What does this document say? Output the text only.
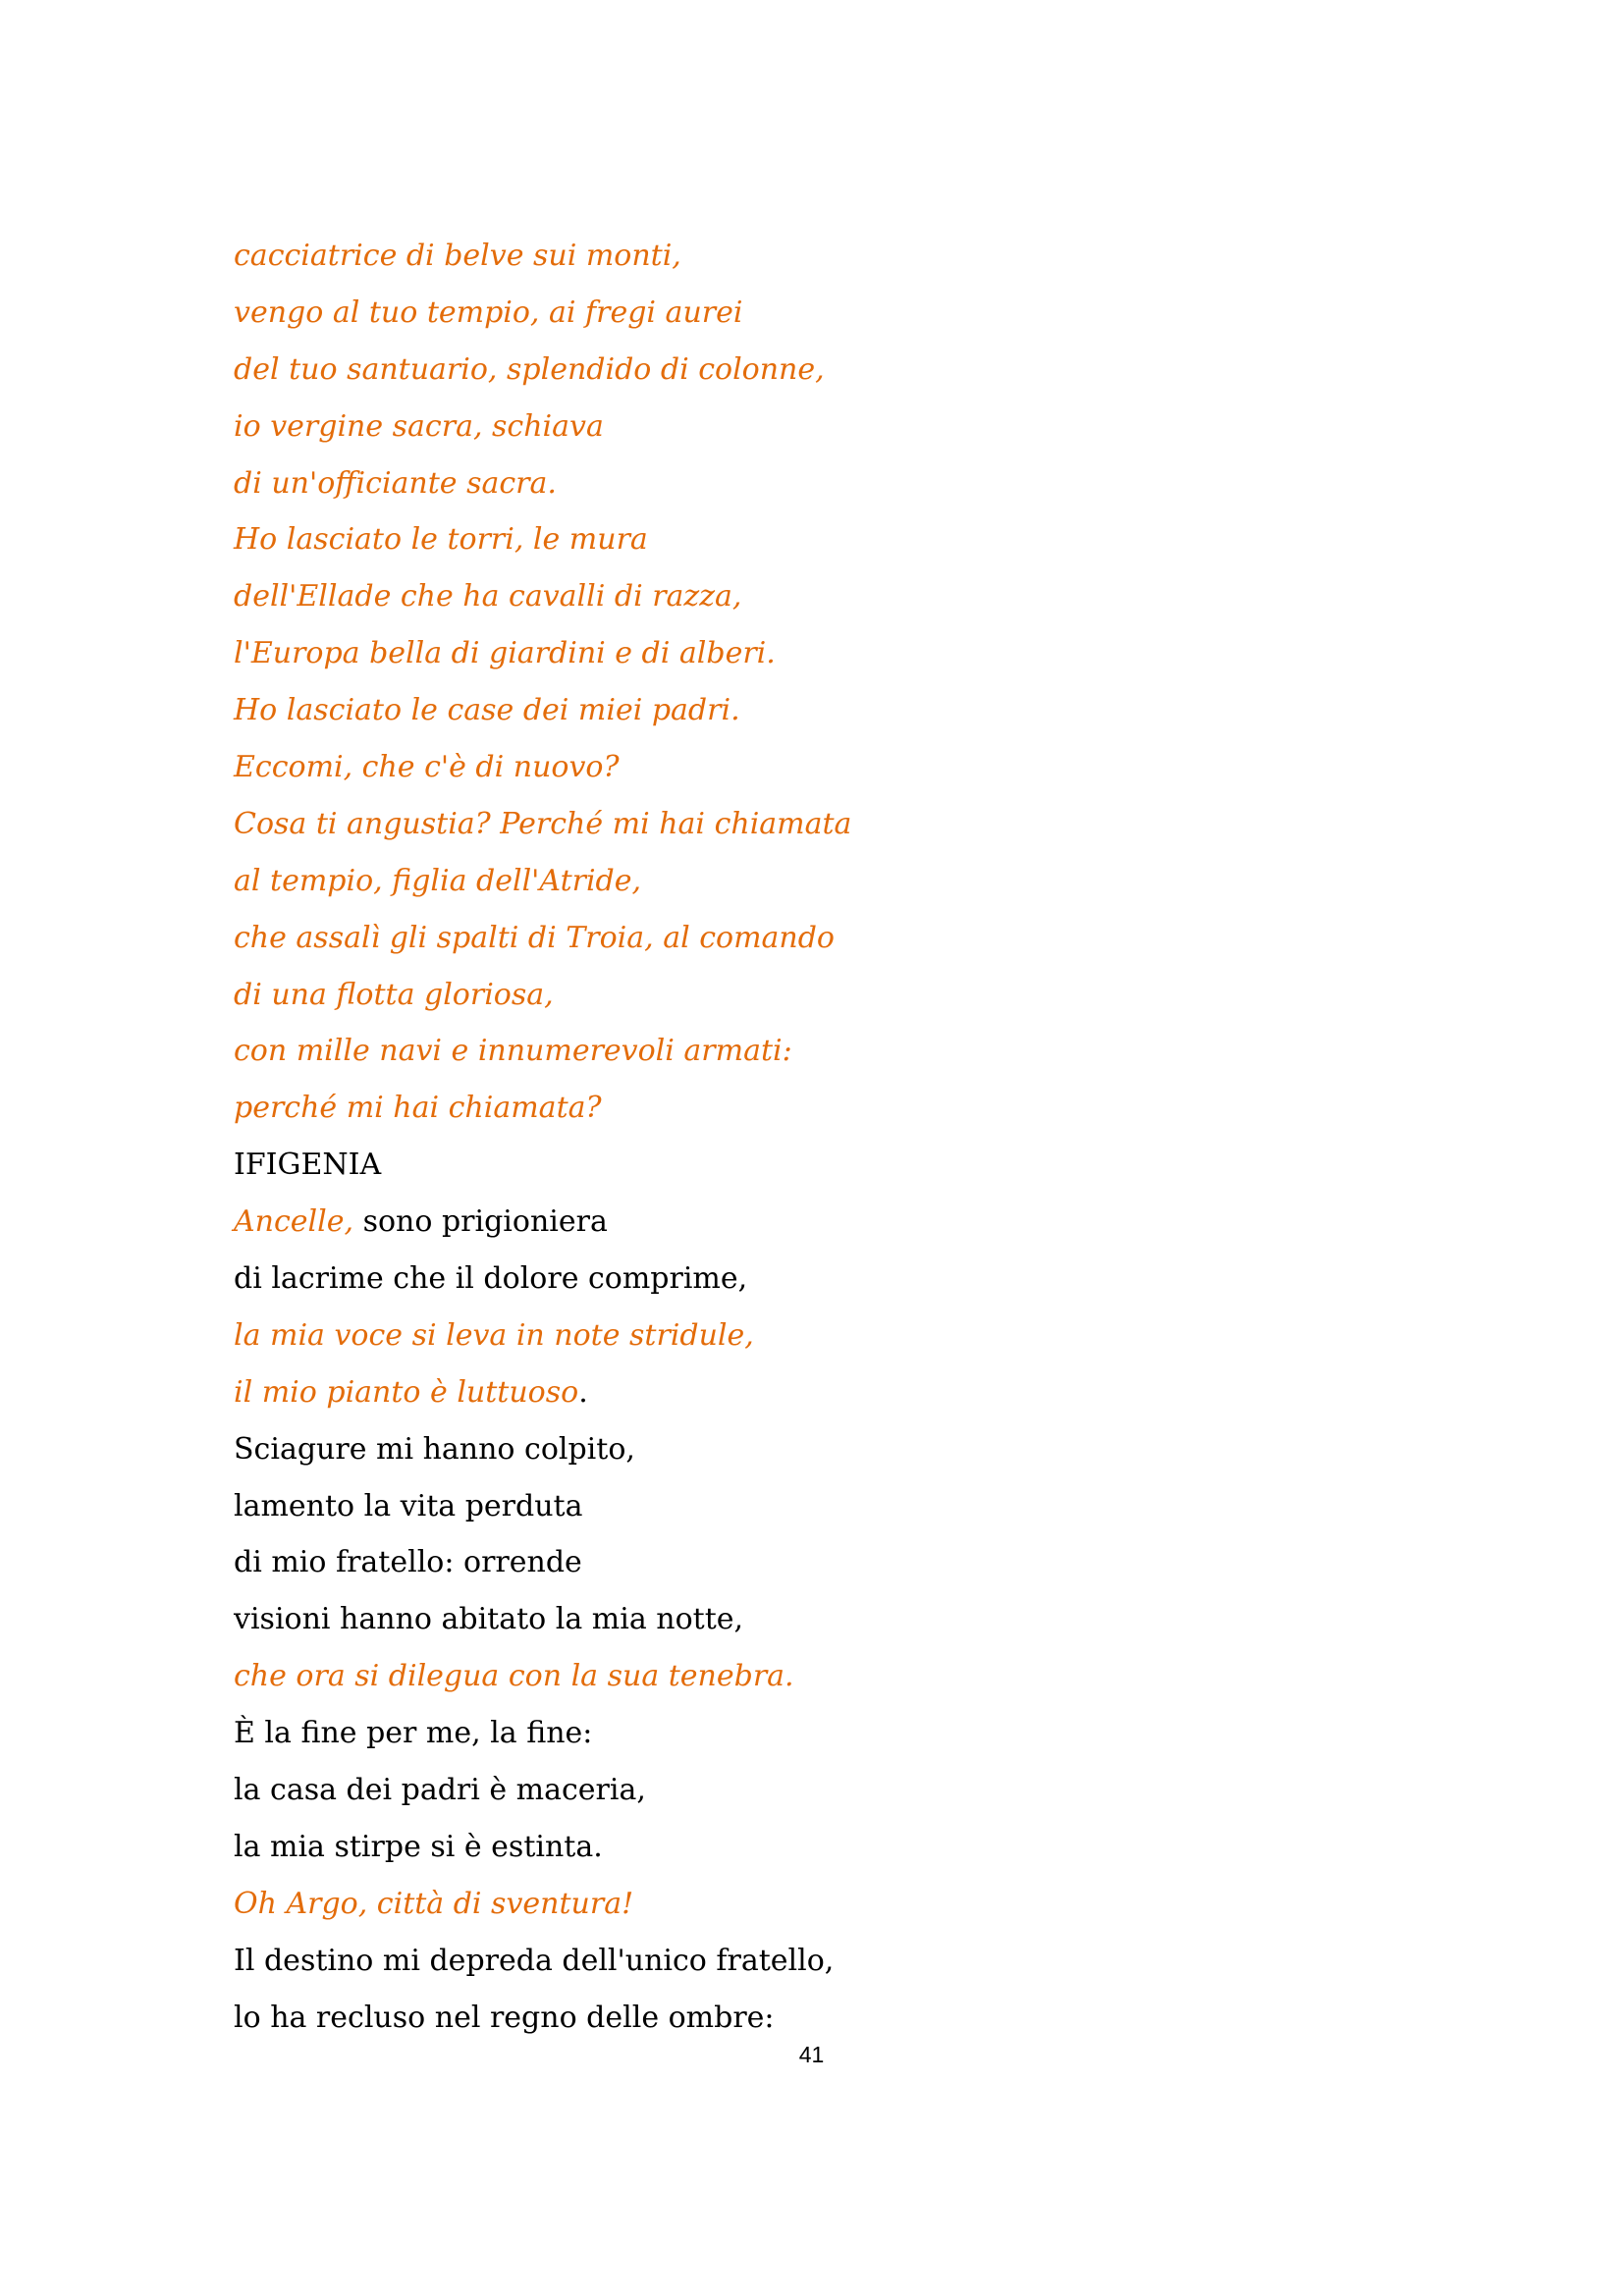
cacciatrice di belve sui monti,
vengo al tuo tempio, ai fregi aurei
del tuo santuario, splendido di colonne,
io vergine sacra, schiava
di un'officiante sacra.
Ho lasciato le torri, le mura
dell'Ellade che ha cavalli di razza,
l'Europa bella di giardini e di alberi.
Ho lasciato le case dei miei padri.
Eccomi, che c'è di nuovo?
Cosa ti angustia? Perché mi hai chiamata
al tempio, figlia dell'Atride,
che assalì gli spalti di Troia, al comando
di una flotta gloriosa,
con mille navi e innumerevoli armati:
perché mi hai chiamata?
IFIGENIA
Ancelle, sono prigioniera
di lacrime che il dolore comprime,
la mia voce si leva in note stridule,
il mio pianto è luttuoso.
Sciagure mi hanno colpito,
lamento la vita perduta
di mio fratello: orrende
visioni hanno abitato la mia notte,
che ora si dilegua con la sua tenebra.
È la fine per me, la fine:
la casa dei padri è maceria,
la mia stirpe si è estinta.
Oh Argo, città di sventura!
Il destino mi depreda dell'unico fratello,
lo ha recluso nel regno delle ombre:
41
